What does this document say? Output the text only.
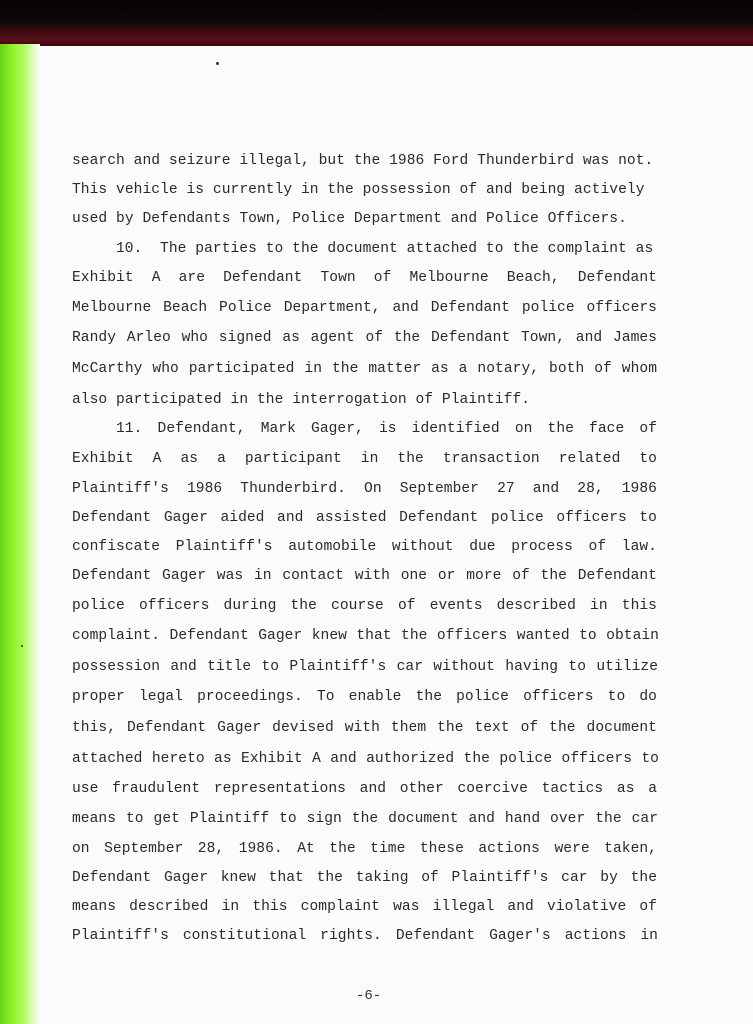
search and seizure illegal, but the 1986 Ford Thunderbird was not.
This vehicle is currently in the possession of and being actively
used by Defendants Town, Police Department and Police Officers.
10.  The parties to the document attached to the complaint as
Exhibit A are Defendant Town of Melbourne Beach, Defendant
Melbourne Beach Police Department, and Defendant police officers
Randy Arleo who signed as agent of the Defendant Town, and James
McCarthy who participated in the matter as a notary, both of whom
also participated in the interrogation of Plaintiff.
11. Defendant, Mark Gager, is identified on the face of
Exhibit A as a participant in the transaction related to
Plaintiff's 1986 Thunderbird. On September 27 and 28, 1986
Defendant Gager aided and assisted Defendant police officers to
confiscate Plaintiff's automobile without due process of law.
Defendant Gager was in contact with one or more of the Defendant
police officers during the course of events described in this
complaint. Defendant Gager knew that the officers wanted to obtain
possession and title to Plaintiff's car without having to utilize
proper legal proceedings. To enable the police officers to do
this, Defendant Gager devised with them the text of the document
attached hereto as Exhibit A and authorized the police officers to
use fraudulent representations and other coercive tactics as a
means to get Plaintiff to sign the document and hand over the car
on September 28, 1986. At the time these actions were taken,
Defendant Gager knew that the taking of Plaintiff's car by the
means described in this complaint was illegal and violative of
Plaintiff's constitutional rights. Defendant Gager's actions in
-6-
